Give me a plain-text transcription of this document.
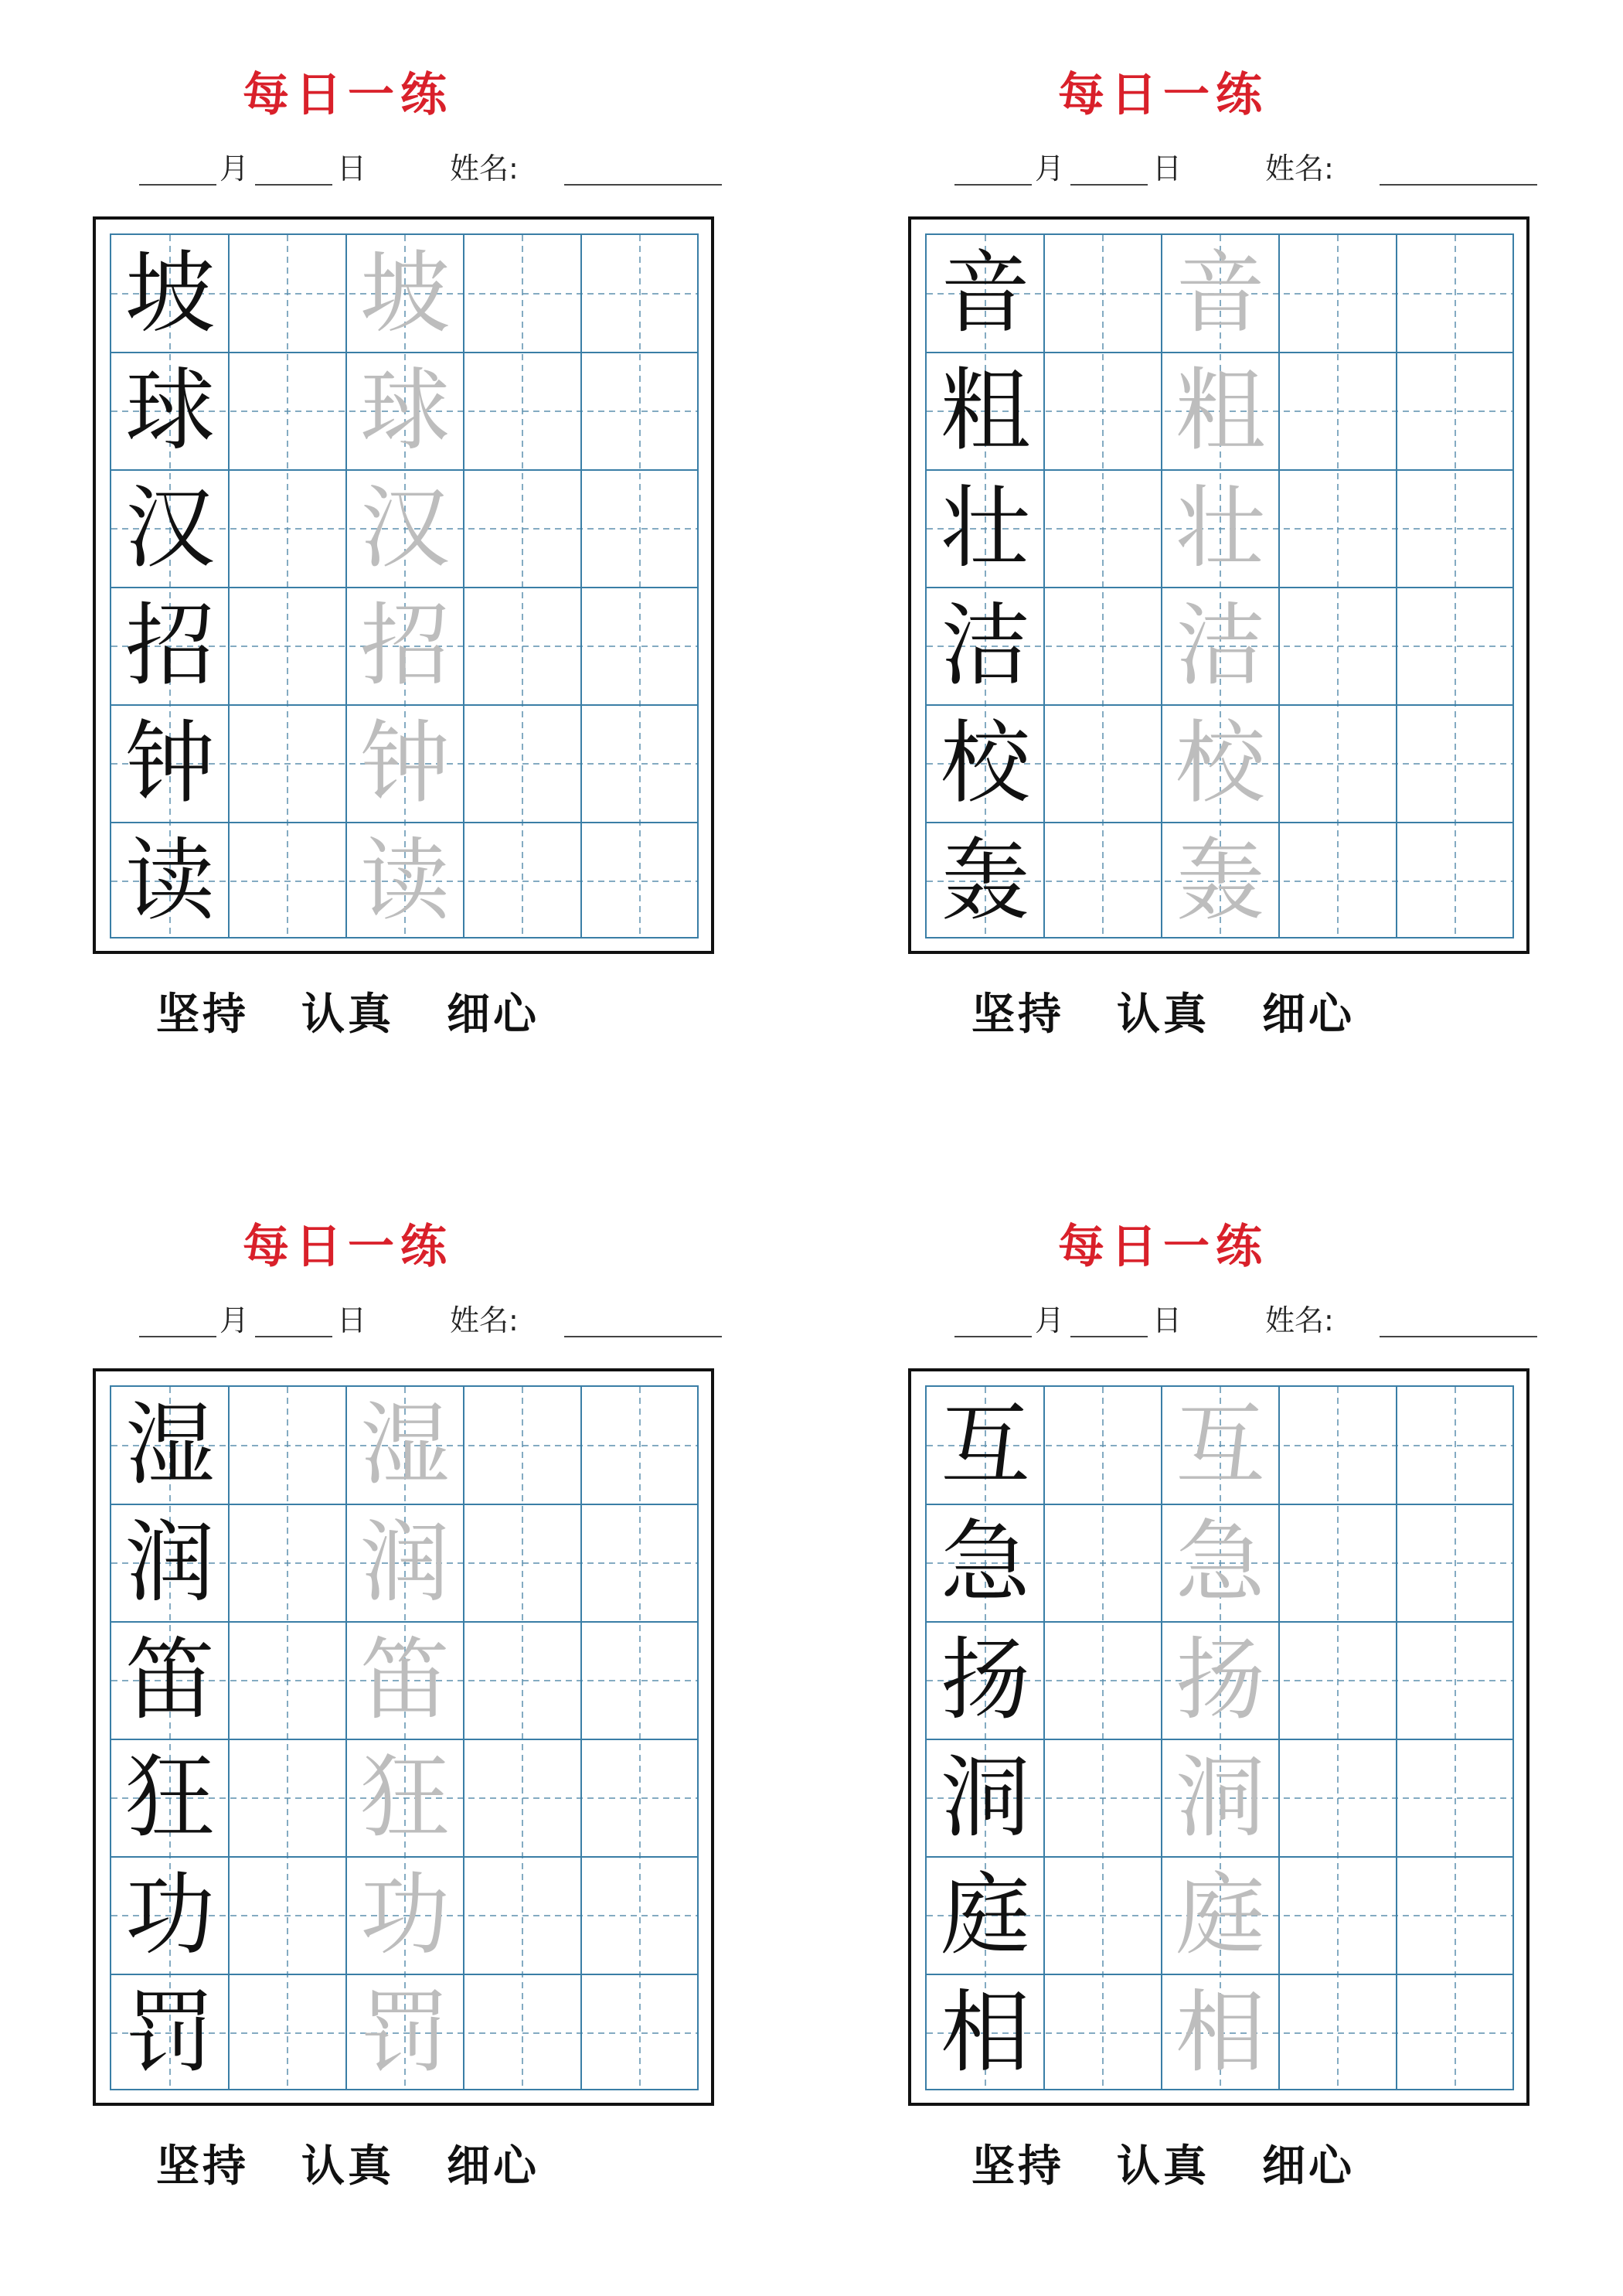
每日一练
月	日	姓名:
坡 坡
球 球
汉 汉
招 招
钟 钟
读 读
坚持 认真 细心
每日一练
月	日	姓名:
音 音
粗 粗
壮 壮
洁 洁
校 校
轰 轰
坚持 认真 细心
每日一练
月	日	姓名:
湿 湿
润 润
笛 笛
狂 狂
功 功
罚 罚
坚持 认真 细心
每日一练
月	日	姓名:
互 互
急 急
扬 扬
洞 洞
庭 庭
相 相
坚持 认真 细心
